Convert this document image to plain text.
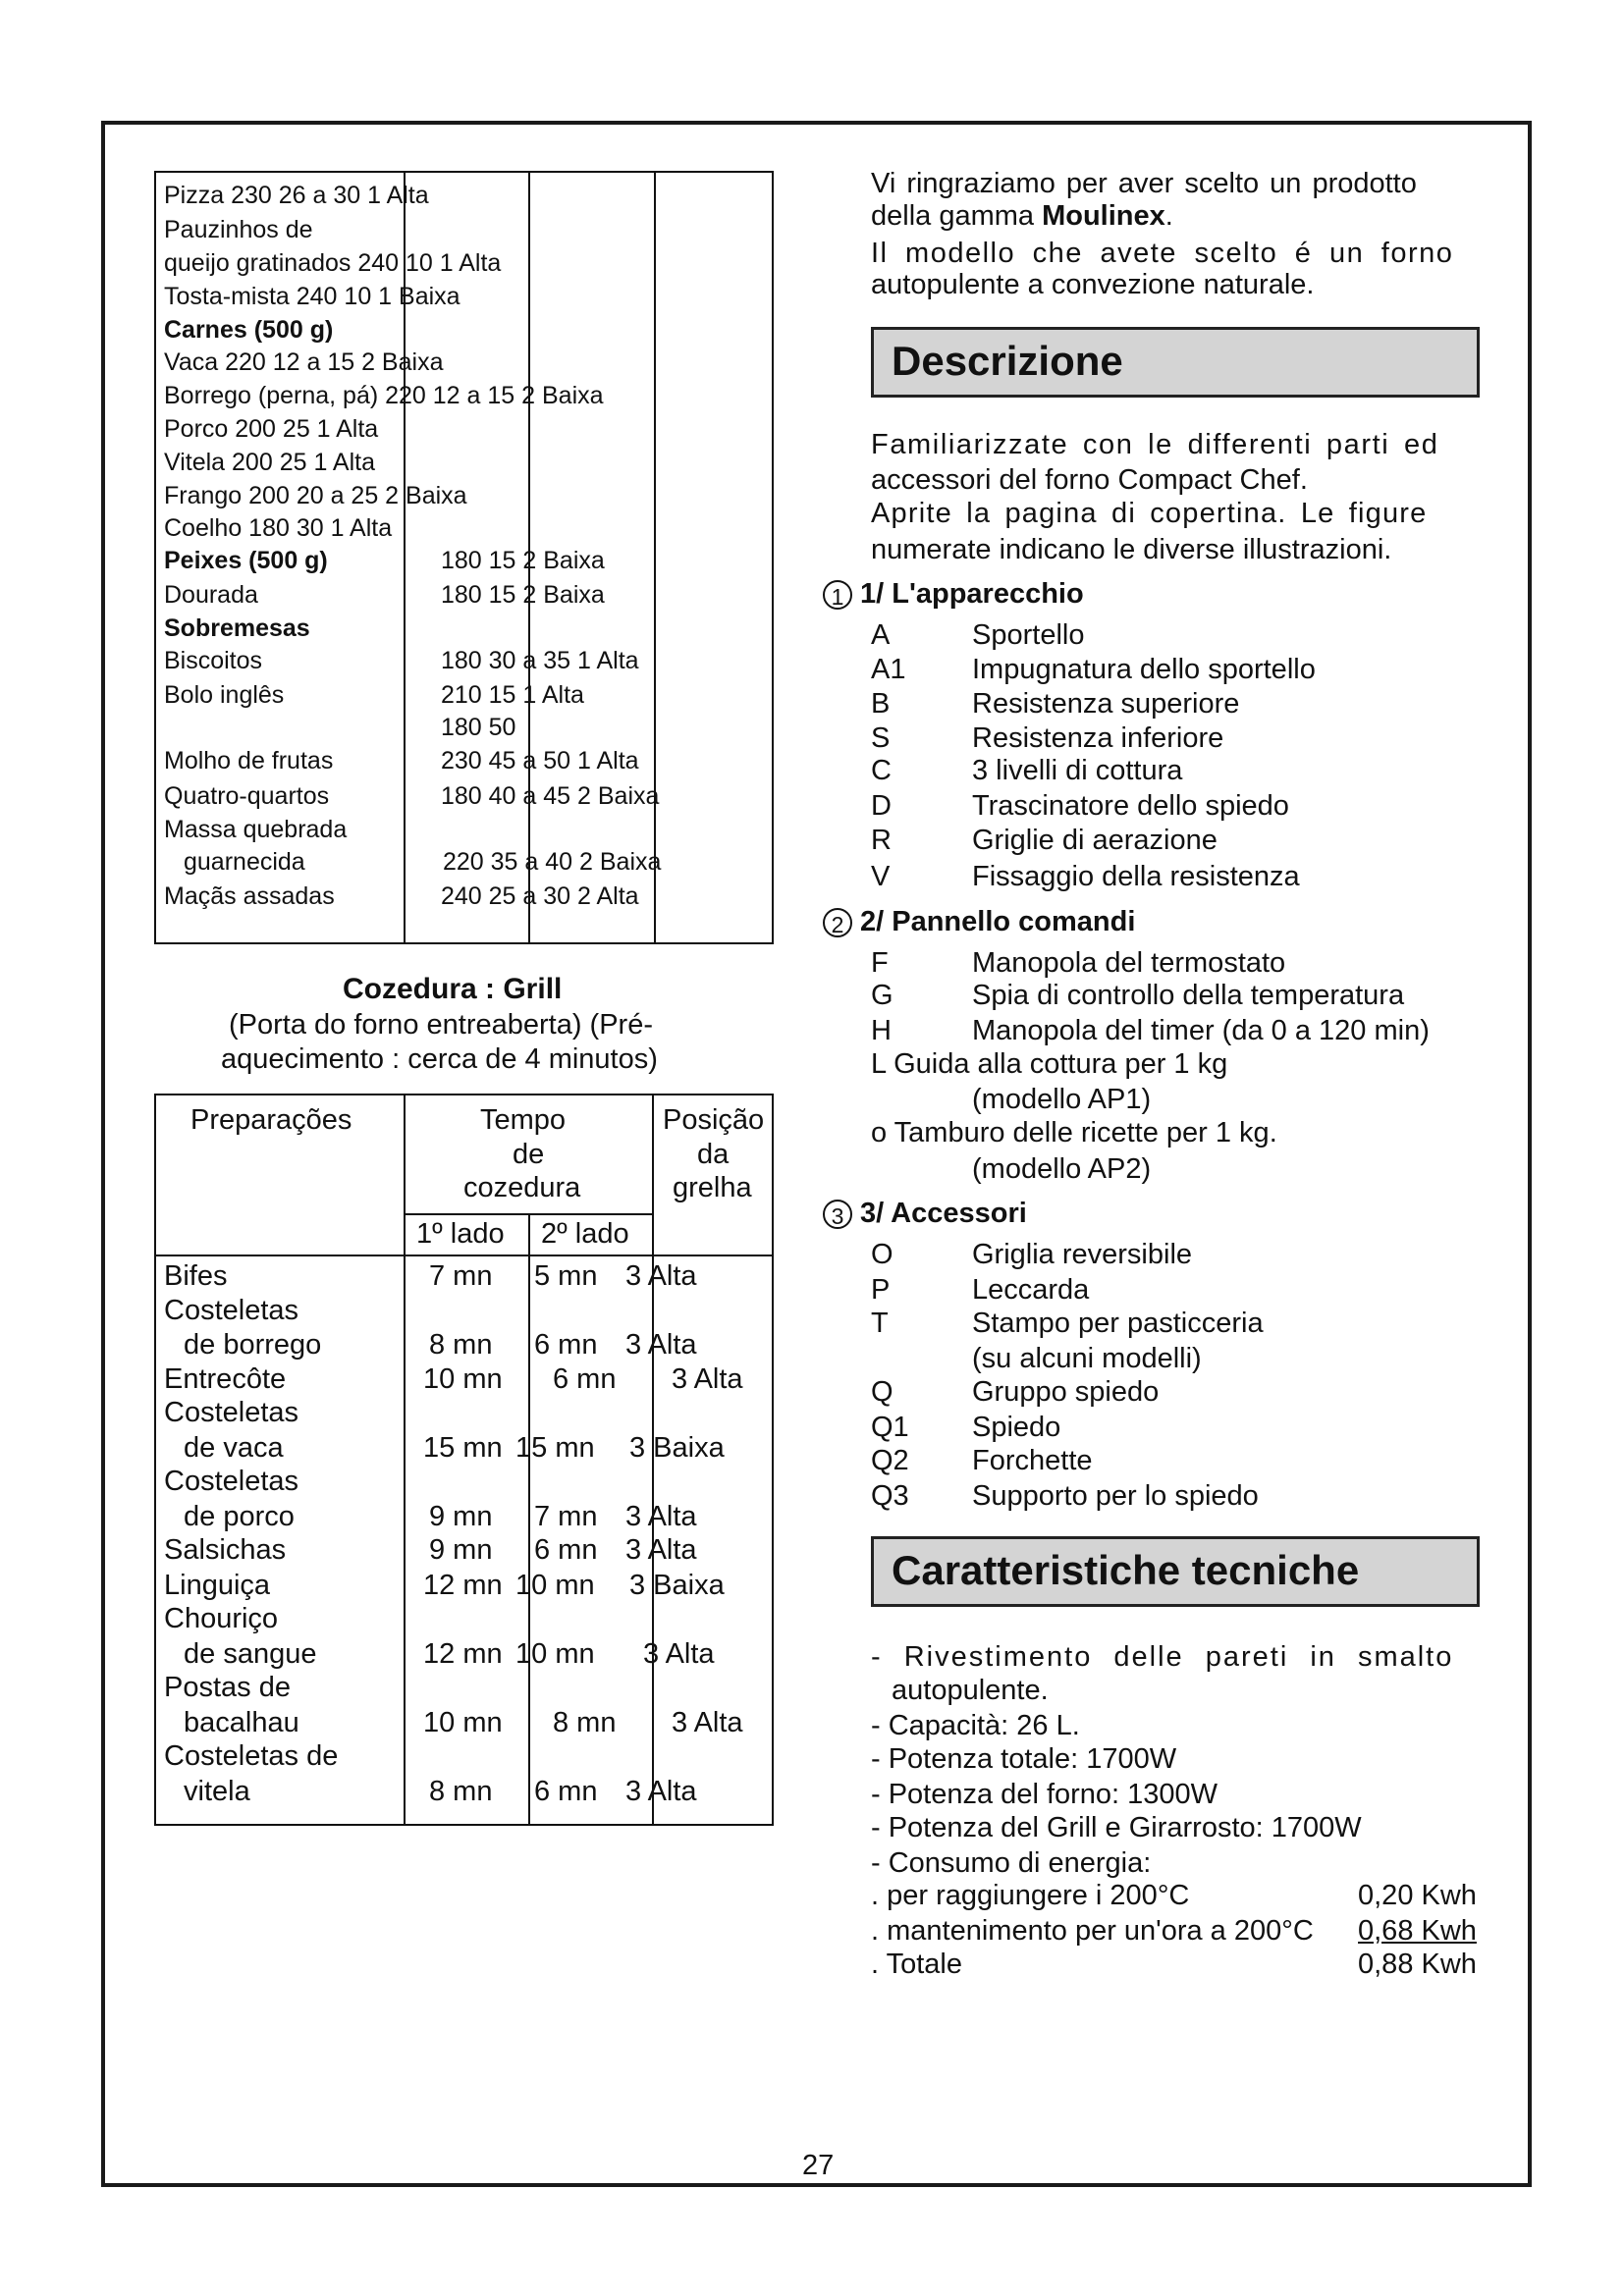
Pizza 230 26 a 30 1 Alta
Pauzinhos de
queijo gratinados 240 10 1 Alta
Tosta-mista 240 10 1 Baixa
Carnes (500 g)
Vaca 220 12 a 15 2 Baixa
Borrego (perna, pá) 220 12 a 15 2 Baixa
Porco 200 25 1 Alta
Vitela 200 25 1 Alta
Frango 200 20 a 25 2 Baixa
Coelho 180 30 1 Alta
Peixes (500 g)	180 15 2 Baixa
Dourada	180 15 2 Baixa
Sobremesas
Biscoitos	180 30 a 35 1 Alta
Bolo inglês	210 15 1 Alta
180 50
Molho de frutas	230 45 a 50 1 Alta
Quatro-quartos	180 40 a 45 2 Baixa
Massa quebrada
guarnecida	220 35 a 40 2 Baixa
Maçãs assadas	240 25 a 30 2 Alta
Cozedura : Grill
(Porta do forno entreaberta) (Pré-
aquecimento : cerca de 4 minutos)
Preparações	Tempo
de
cozedura
Posição
da
grelha
1º lado 2º lado
Bifes	7 mn 5 mn 3 Alta
Costeletas
de borrego	8 mn 6 mn 3 Alta
Entrecôte	10 mn 6 mn 3 Alta
Costeletas
de vaca	15 mn 15 mn 3 Baixa
Costeletas
de porco	9 mn 7 mn 3 Alta
Salsichas	9 mn 6 mn 3 Alta
Linguiça	12 mn 10 mn 3 Baixa
Chouriço
de sangue	12 mn 10 mn 3 Alta
Postas de
bacalhau	10 mn 8 mn 3 Alta
Costeletas de
vitela	8 mn 6 mn 3 Alta
Vi ringraziamo per aver scelto un prodotto
della gamma Moulinex.
Il modello che avete scelto é un forno
autopulente a convezione naturale.
Descrizione
Familiarizzate con le differenti parti ed
accessori del forno Compact Chef.
Aprite la pagina di copertina. Le figure
numerate indicano le diverse illustrazioni.
1 1/ L'apparecchio
A	Sportello
A1 Impugnatura dello sportello
B	Resistenza superiore
S	Resistenza inferiore
C	3 livelli di cottura
D	Trascinatore dello spiedo
R	Griglie di aerazione
V	Fissaggio della resistenza
2 2/ Pannello comandi
F	Manopola del termostato
G	Spia di controllo della temperatura
H	Manopola del timer (da 0 a 120 min)
L Guida alla cottura per 1 kg
(modello AP1)
o Tamburo delle ricette per 1 kg.
(modello AP2)
3 3/ Accessori
O	Griglia reversibile
P	Leccarda
T	Stampo per pasticceria
(su alcuni modelli)
Q	Gruppo spiedo
Q1 Spiedo
Q2 Forchette
Q3 Supporto per lo spiedo
Caratteristiche tecniche
- Rivestimento delle pareti in smalto
autopulente.
- Capacità: 26 L.
- Potenza totale: 1700W
- Potenza del forno: 1300W
- Potenza del Grill e Girarrosto: 1700W
- Consumo di energia:
. per raggiungere i 200°C	0,20 Kwh
. mantenimento per un'ora a 200°C 0,68 Kwh
. Totale	0,88 Kwh
27
